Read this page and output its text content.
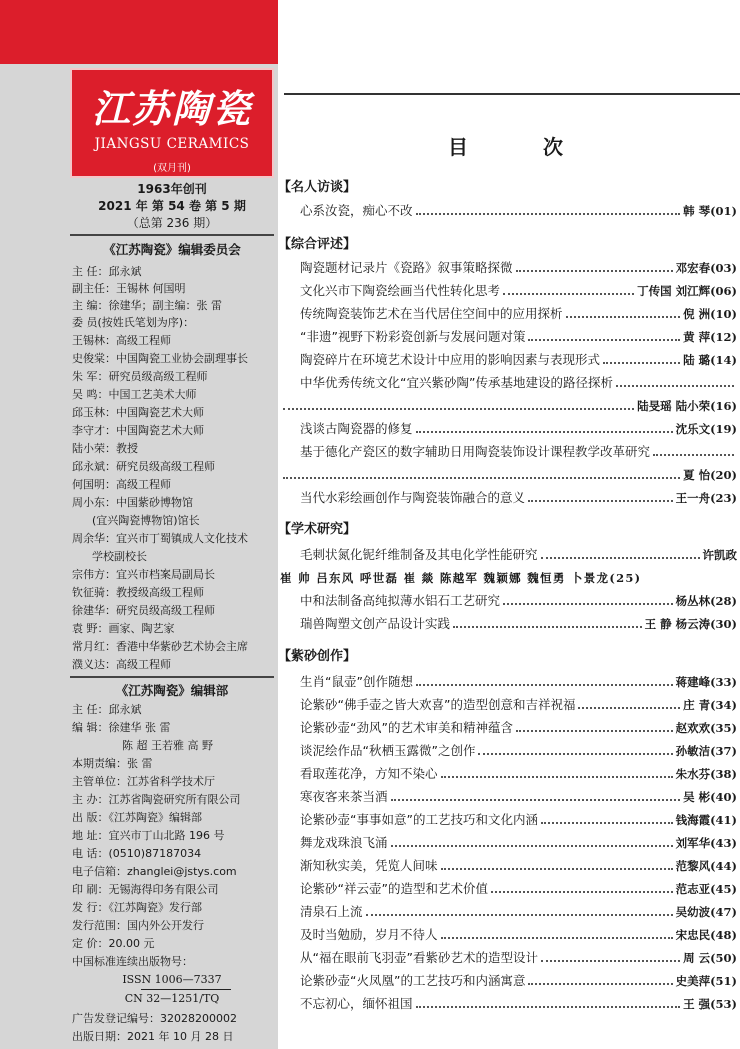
江苏陶瓷
JIANGSU CERAMICS
(双月刊)
1963年创刊
2021 年 第 54 卷 第 5 期
（总第 236 期）
《江苏陶瓷》编辑委员会
主 任：邱永斌
副主任：王锡林 何国明
主 编：徐建华；副主编：张 雷
委 员(按姓氏笔划为序)：
王锡林：高级工程师
史俊棠：中国陶瓷工业协会副理事长
朱 军：研究员级高级工程师
吴 鸣：中国工艺美术大师
邱玉林：中国陶瓷艺术大师
李守才：中国陶瓷艺术大师
陆小荣：教授
邱永斌：研究员级高级工程师
何国明：高级工程师
周小东：中国紫砂博物馆
(宜兴陶瓷博物馆)馆长
周余华：宜兴市丁蜀镇成人文化技术
学校副校长
宗伟方：宜兴市档案局副局长
钦征骑：教授级高级工程师
徐建华：研究员级高级工程师
袁 野：画家、陶艺家
常月红：香港中华紫砂艺术协会主席
濮义达：高级工程师
《江苏陶瓷》编辑部
主 任：邱永斌
编 辑：徐建华 张 雷
陈 超 王若雅 高 野
本期责编：张 雷
主管单位：江苏省科学技术厅
主 办：江苏省陶瓷研究所有限公司
出 版：《江苏陶瓷》编辑部
地 址：宜兴市丁山北路 196 号
电 话：(0510)87187034
电子信箱：zhanglei@jstys.com
印 刷：无锡海得印务有限公司
发 行：《江苏陶瓷》发行部
发行范围：国内外公开发行
定 价：20.00 元
中国标准连续出版物号：
ISSN 1006—7337
CN 32—1251/TQ
广告发登记编号：32028200002
出版日期：2021 年 10 月 28 日
目 次
【名人访谈】
心系汝瓷，痴心不改	韩 琴(01)
【综合评述】
陶瓷题材记录片《瓷路》叙事策略探微	邓宏春(03)
文化兴市下陶瓷绘画当代性转化思考	丁传国 刘江辉(06)
传统陶瓷装饰艺术在当代居住空间中的应用探析	倪 洲(10)
“非遗”视野下粉彩瓷创新与发展问题对策	黄 萍(12)
陶瓷碎片在环境艺术设计中应用的影响因素与表现形式	陆 璐(14)
中华优秀传统文化“宜兴紫砂陶”传承基地建设的路径探析
陆旻瑶 陆小荣(16)
浅谈古陶瓷器的修复	沈乐文(19)
基于德化产瓷区的数字辅助日用陶瓷装饰设计课程教学改革研究
夏 怡(20)
当代水彩绘画创作与陶瓷装饰融合的意义	王一舟(23)
【学术研究】
毛刺状氮化铌纤维制备及其电化学性能研究	许凯政
崔 帅 吕东风 呼世磊 崔 燚 陈越军 魏颖娜 魏恒勇 卜景龙(25)
中和法制备高纯拟薄水铝石工艺研究	杨丛林(28)
瑞兽陶塑文创产品设计实践	王 静 杨云涛(30)
【紫砂创作】
生肖“鼠壶”创作随想	蒋建峰(33)
论紫砂“佛手壶之皆大欢喜”的造型创意和吉祥祝福	庄 青(34)
论紫砂壶“劲风”的艺术审美和精神蕴含	赵欢欢(35)
谈泥绘作品“秋栖玉露微”之创作	孙敏洁(37)
看取莲花净，方知不染心	朱水芬(38)
寒夜客来茶当酒	吴 彬(40)
论紫砂壶“事事如意”的工艺技巧和文化内涵	钱海霞(41)
舞龙戏珠浪飞涌	刘军华(43)
渐知秋实美，凭览人间味	范黎风(44)
论紫砂“祥云壶”的造型和艺术价值	范志亚(45)
清泉石上流	吴幼波(47)
及时当勉励，岁月不待人	宋忠民(48)
从“福在眼前飞羽壶”看紫砂艺术的造型设计	周 云(50)
论紫砂壶“火凤凰”的工艺技巧和内涵寓意	史美萍(51)
不忘初心，缅怀祖国	王 强(53)
